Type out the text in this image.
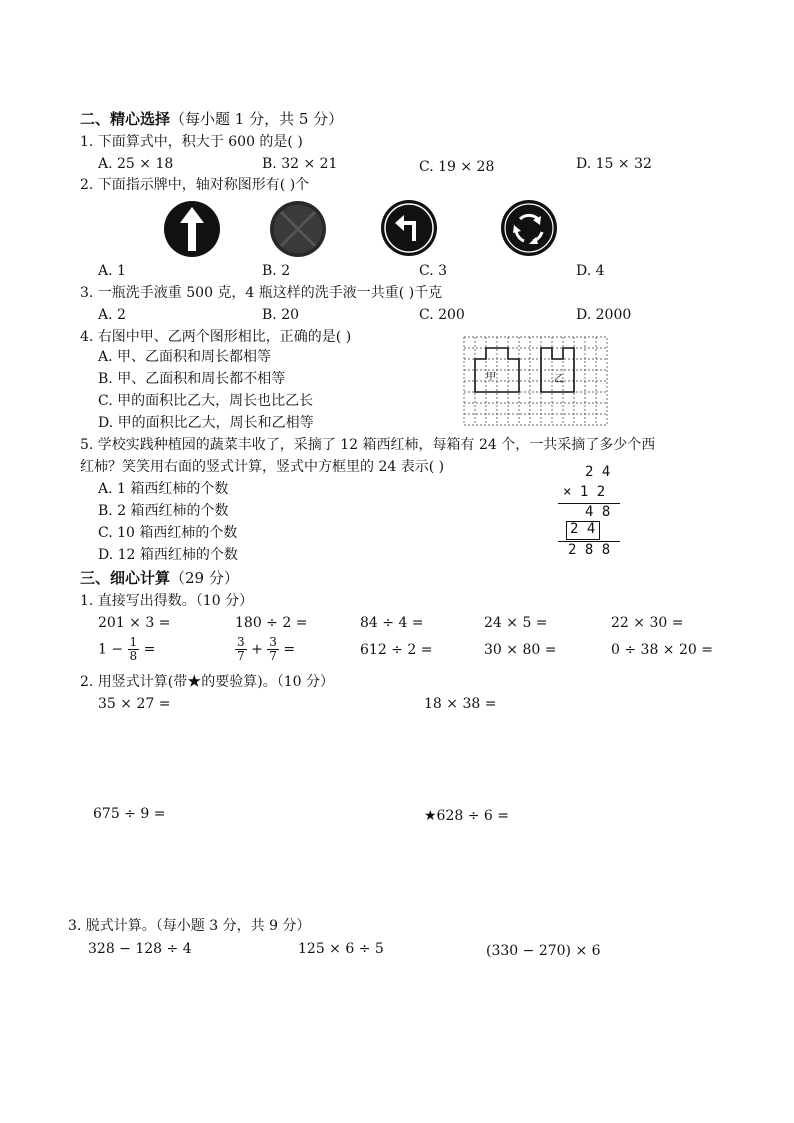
二、精心选择（每小题 1 分，共 5 分）
1. 下面算式中，积大于 600 的是( )
A. 25 × 18	B. 32 × 21	C. 19 × 28	D. 15 × 32
2. 下面指示牌中，轴对称图形有( )个
A. 1	B. 2	C. 3	D. 4
3. 一瓶洗手液重 500 克，4 瓶这样的洗手液一共重( )千克
A. 2	B. 20	C. 200	D. 2000
4. 右图中甲、乙两个图形相比，正确的是( )
A. 甲、乙面积和周长都相等
B. 甲、乙面积和周长都不相等
C. 甲的面积比乙大，周长也比乙长
D. 甲的面积比乙大，周长和乙相等
甲	乙
5. 学校实践种植园的蔬菜丰收了，采摘了 12 箱西红柿，每箱有 24 个，一共采摘了多少个西
红柿？笑笑用右面的竖式计算，竖式中方框里的 24 表示( )
A. 1 箱西红柿的个数
B. 2 箱西红柿的个数
C. 10 箱西红柿的个数
D. 12 箱西红柿的个数
2 4
× 1 2
4 8
2 4
2 8 8
三、细心计算（29 分）
1. 直接写出得数。（10 分）
201 × 3 =	180 ÷ 2 =	84 ÷ 4 =	24 × 5 =	22 × 30 =
$1 - \frac{1}{8}$ =	$\frac{3}{7} + \frac{3}{7}$ =	612 ÷ 2 =	30 × 80 =	0 ÷ 38 × 20 =
2. 用竖式计算(带★的要验算)。（10 分）
35 × 27 =	18 × 38 =
675 ÷ 9 =	★628 ÷ 6 =
3. 脱式计算。（每小题 3 分，共 9 分）
328 − 128 ÷ 4	125 × 6 ÷ 5	(330 − 270) × 6
